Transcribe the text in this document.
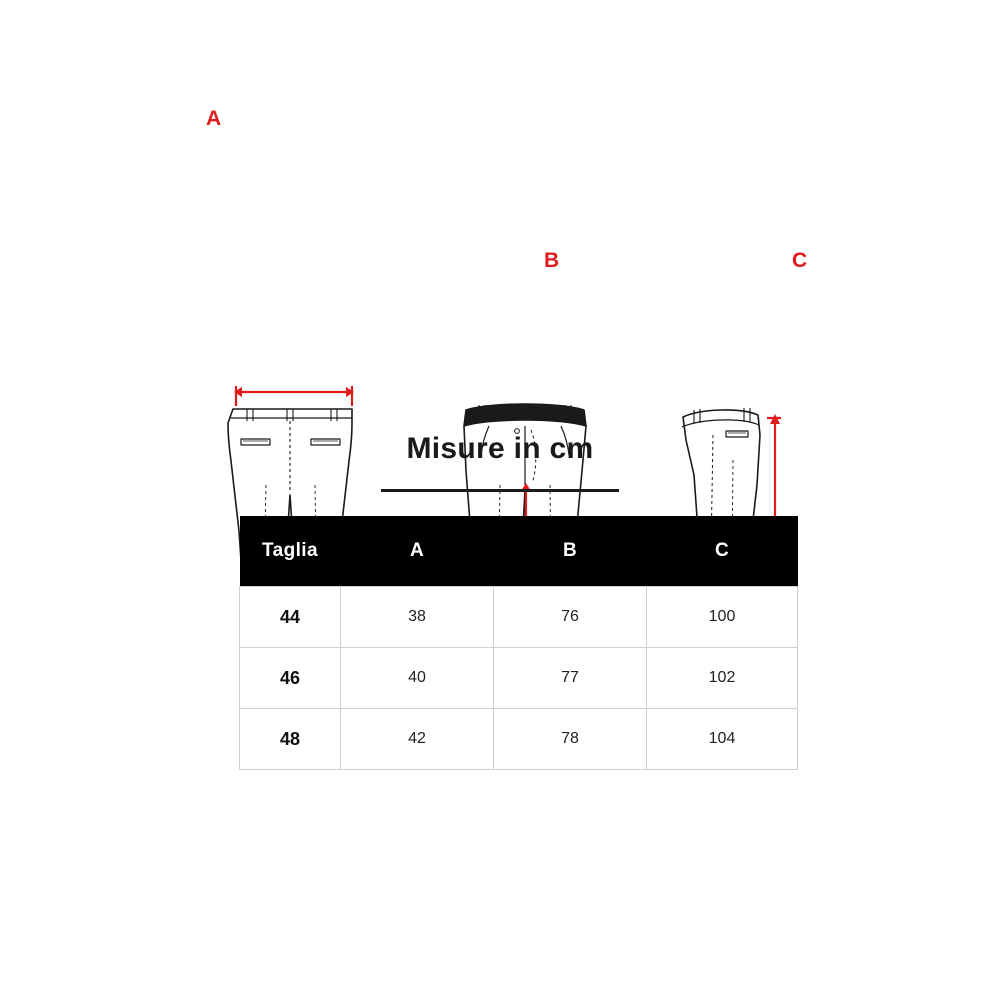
A
B	C
Misure in cm
Taglia	A	B	C
44	38	76	100
46	40	77	102
48	42	78	104
